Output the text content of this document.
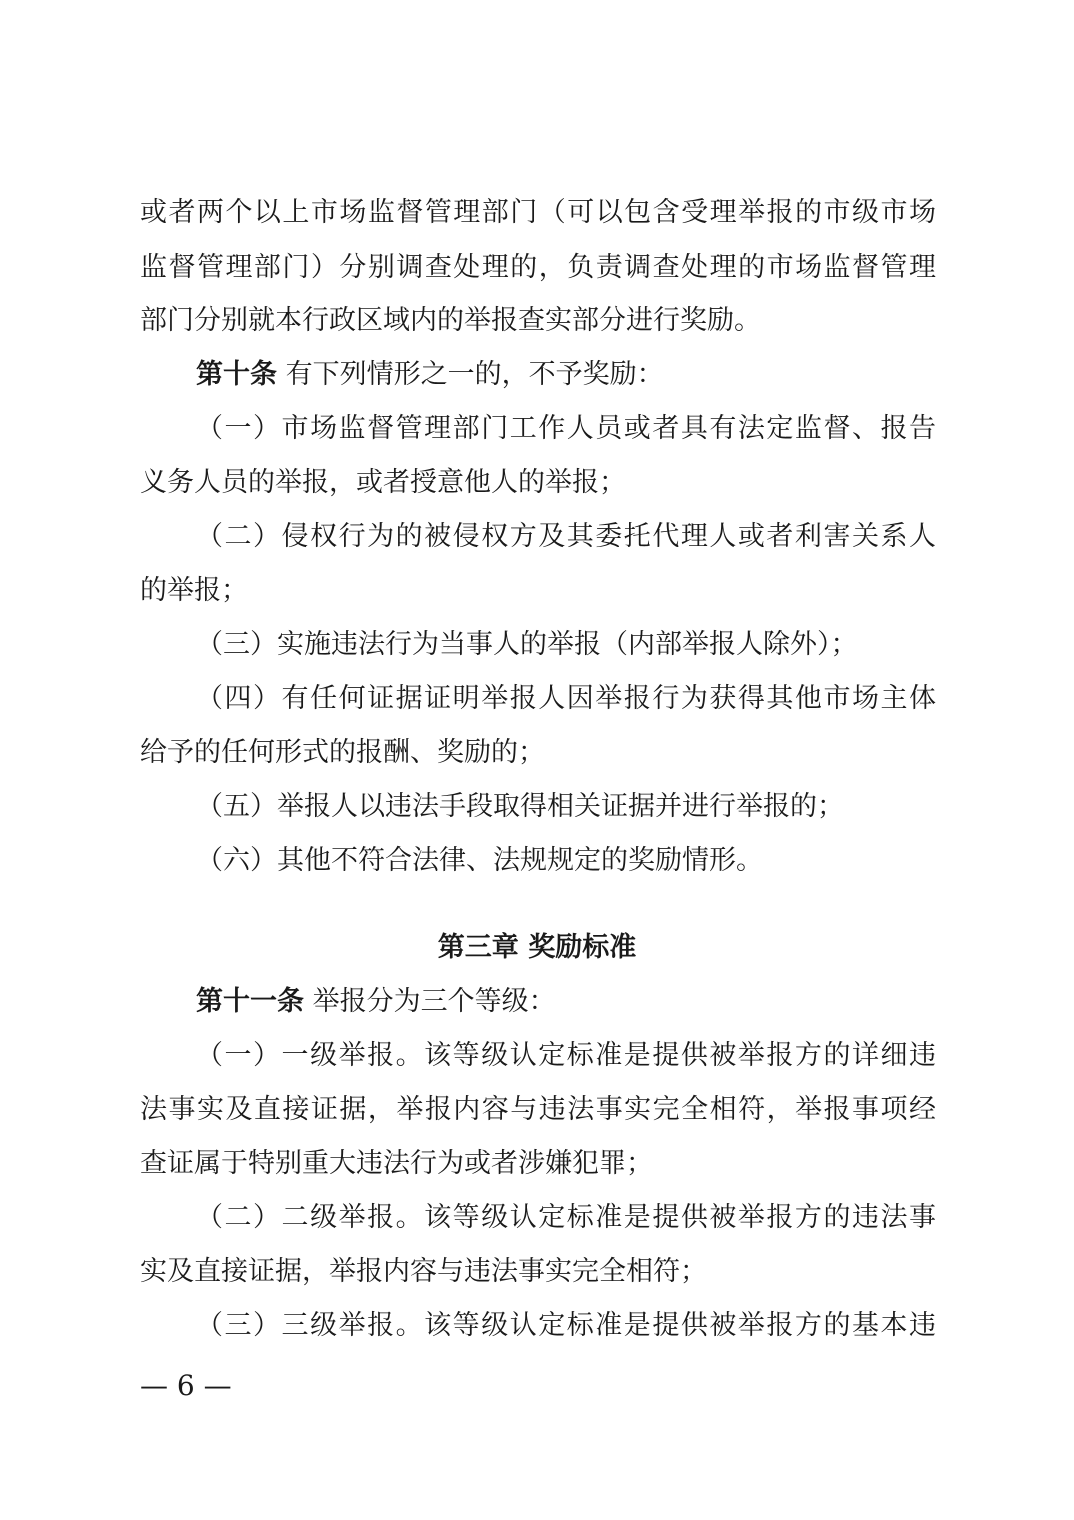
或者两个以上市场监督管理部门（可以包含受理举报的市级市场
监督管理部门）分别调查处理的，负责调查处理的市场监督管理
部门分别就本行政区域内的举报查实部分进行奖励。
第十条 有下列情形之一的，不予奖励：
（一）市场监督管理部门工作人员或者具有法定监督、报告
义务人员的举报，或者授意他人的举报；
（二）侵权行为的被侵权方及其委托代理人或者利害关系人
的举报；
（三）实施违法行为当事人的举报（内部举报人除外）；
（四）有任何证据证明举报人因举报行为获得其他市场主体
给予的任何形式的报酬、奖励的；
（五）举报人以违法手段取得相关证据并进行举报的；
（六）其他不符合法律、法规规定的奖励情形。
第三章 奖励标准
第十一条 举报分为三个等级：
（一）一级举报。该等级认定标准是提供被举报方的详细违
法事实及直接证据，举报内容与违法事实完全相符，举报事项经
查证属于特别重大违法行为或者涉嫌犯罪；
（二）二级举报。该等级认定标准是提供被举报方的违法事
实及直接证据，举报内容与违法事实完全相符；
（三）三级举报。该等级认定标准是提供被举报方的基本违
— 6 —
